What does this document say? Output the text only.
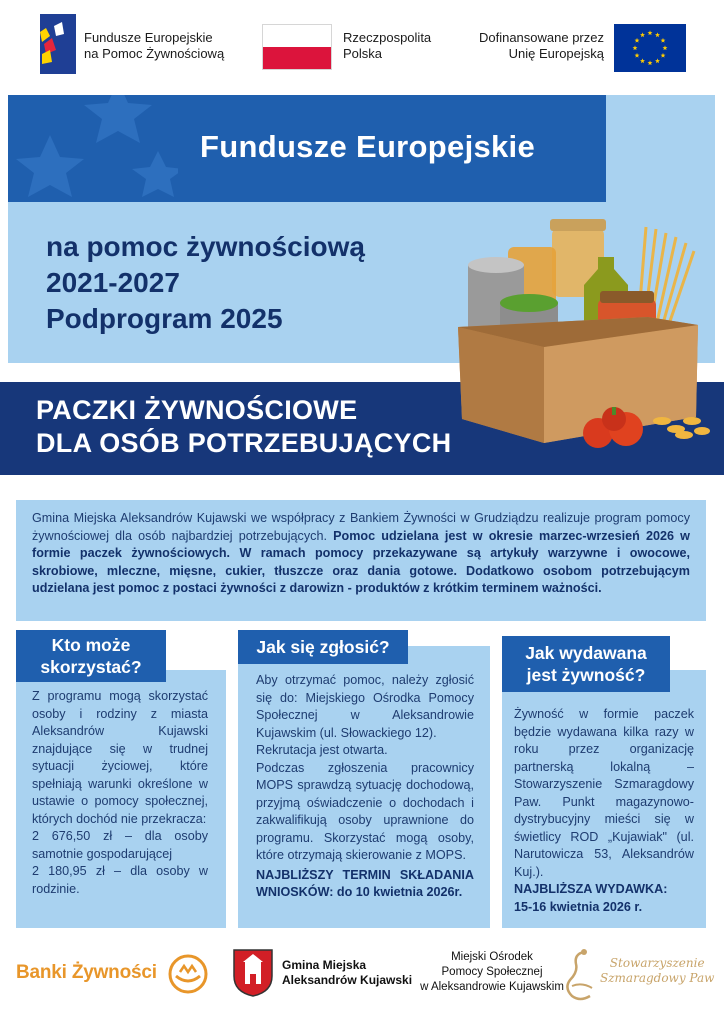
Fundusze Europejskie
na Pomoc Żywnościową
Rzeczpospolita
Polska
Dofinansowane przez
Unię Europejską
Fundusze Europejskie
na pomoc żywnościową
2021-2027
Podprogram 2025
PACZKI ŻYWNOŚCIOWE
DLA OSÓB POTRZEBUJĄCYCH
Gmina Miejska Aleksandrów Kujawski we współpracy z Bankiem Żywności w Grudziądzu realizuje program pomocy żywnościowej dla osób najbardziej potrzebujących. Pomoc udzielana jest w okresie marzec-wrzesień 2026 w formie paczek żywnościowych. W ramach pomocy przekazywane są artykuły warzywne i owocowe, skrobiowe, mleczne, mięsne, cukier, tłuszcze oraz dania gotowe. Dodatkowo osobom potrzebującym udzielana jest pomoc z postaci żywności z darowizn - produktów z krótkim terminem ważności.
Kto może
skorzystać?

Z programu mogą skorzystać osoby i rodziny z miasta Aleksandrów Kujawski znajdujące się w trudnej sytuacji życiowej, które spełniają warunki określone w ustawie o pomocy społecznej, których dochód nie przekracza:

2 676,50 zł – dla osoby samotnie gospodarującej

2 180,95 zł – dla osoby w rodzinie.

Jak się zgłosić?

Aby otrzymać pomoc, należy zgłosić się do: Miejskiego Ośrodka Pomocy Społecznej w Aleksandrowie Kujawskim (ul. Słowackiego 12).

Rekrutacja jest otwarta.

Podczas zgłoszenia pracownicy MOPS sprawdzą sytuację dochodową, przyjmą oświadczenie o dochodach i zakwalifikują osoby uprawnione do programu. Skorzystać mogą osoby, które otrzymają skierowanie z MOPS.

NAJBLIŻSZY TERMIN SKŁADANIA WNIOSKÓW: do 10 kwietnia 2026r.

Jak wydawana
jest żywność?

Żywność w formie paczek będzie wydawana kilka razy w roku przez organizację partnerską lokalną – Stowarzyszenie Szmaragdowy Paw. Punkt magazynowo-dystrybucyjny mieści się w świetlicy ROD „Kujawiak" (ul. Narutowicza 53, Aleksandrów Kuj.).

NAJBLIŻSZA WYDAWKA:

15-16 kwietnia 2026 r.

Banki Żywności	Gmina Miejska
Aleksandrów Kujawski
Miejski Ośrodek
Pomocy Społecznej
w Aleksandrowie Kujawskim
Stowarzyszenie
Szmaragdowy Paw
